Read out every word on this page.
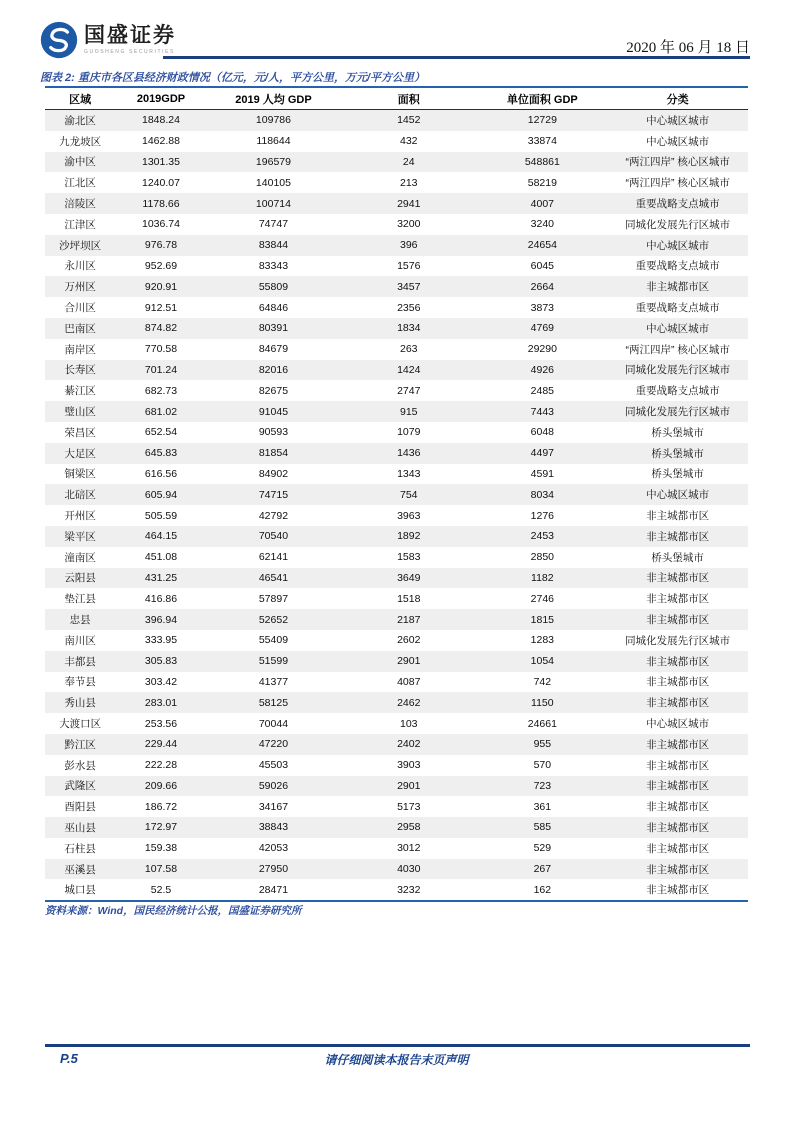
国盛证券
GUOSHENG SECURITIES	2020 年 06 月 18 日
图表 2: 重庆市各区县经济财政情况（亿元，元/人，平方公里，万元/平方公里）
区域	2019GDP	2019 人均 GDP	面积	单位面积 GDP	分类
渝北区	1848.24	109786	1452	12729	中心城区城市
九龙坡区	1462.88	118644	432	33874	中心城区城市
渝中区	1301.35	196579	24	548861	“两江四岸” 核心区城市
江北区	1240.07	140105	213	58219	“两江四岸” 核心区城市
涪陵区	1178.66	100714	2941	4007	重要战略支点城市
江津区	1036.74	74747	3200	3240	同城化发展先行区城市
沙坪坝区	976.78	83844	396	24654	中心城区城市
永川区	952.69	83343	1576	6045	重要战略支点城市
万州区	920.91	55809	3457	2664	非主城都市区
合川区	912.51	64846	2356	3873	重要战略支点城市
巴南区	874.82	80391	1834	4769	中心城区城市
南岸区	770.58	84679	263	29290	“两江四岸” 核心区城市
长寿区	701.24	82016	1424	4926	同城化发展先行区城市
綦江区	682.73	82675	2747	2485	重要战略支点城市
璧山区	681.02	91045	915	7443	同城化发展先行区城市
荣昌区	652.54	90593	1079	6048	桥头堡城市
大足区	645.83	81854	1436	4497	桥头堡城市
铜梁区	616.56	84902	1343	4591	桥头堡城市
北碚区	605.94	74715	754	8034	中心城区城市
开州区	505.59	42792	3963	1276	非主城都市区
梁平区	464.15	70540	1892	2453	非主城都市区
潼南区	451.08	62141	1583	2850	桥头堡城市
云阳县	431.25	46541	3649	1182	非主城都市区
垫江县	416.86	57897	1518	2746	非主城都市区
忠县	396.94	52652	2187	1815	非主城都市区
南川区	333.95	55409	2602	1283	同城化发展先行区城市
丰都县	305.83	51599	2901	1054	非主城都市区
奉节县	303.42	41377	4087	742	非主城都市区
秀山县	283.01	58125	2462	1150	非主城都市区
大渡口区	253.56	70044	103	24661	中心城区城市
黔江区	229.44	47220	2402	955	非主城都市区
彭水县	222.28	45503	3903	570	非主城都市区
武隆区	209.66	59026	2901	723	非主城都市区
酉阳县	186.72	34167	5173	361	非主城都市区
巫山县	172.97	38843	2958	585	非主城都市区
石柱县	159.38	42053	3012	529	非主城都市区
巫溪县	107.58	27950	4030	267	非主城都市区
城口县	52.5	28471	3232	162	非主城都市区
资料来源：Wind，国民经济统计公报，国盛证券研究所
P.5	请仔细阅读本报告末页声明
